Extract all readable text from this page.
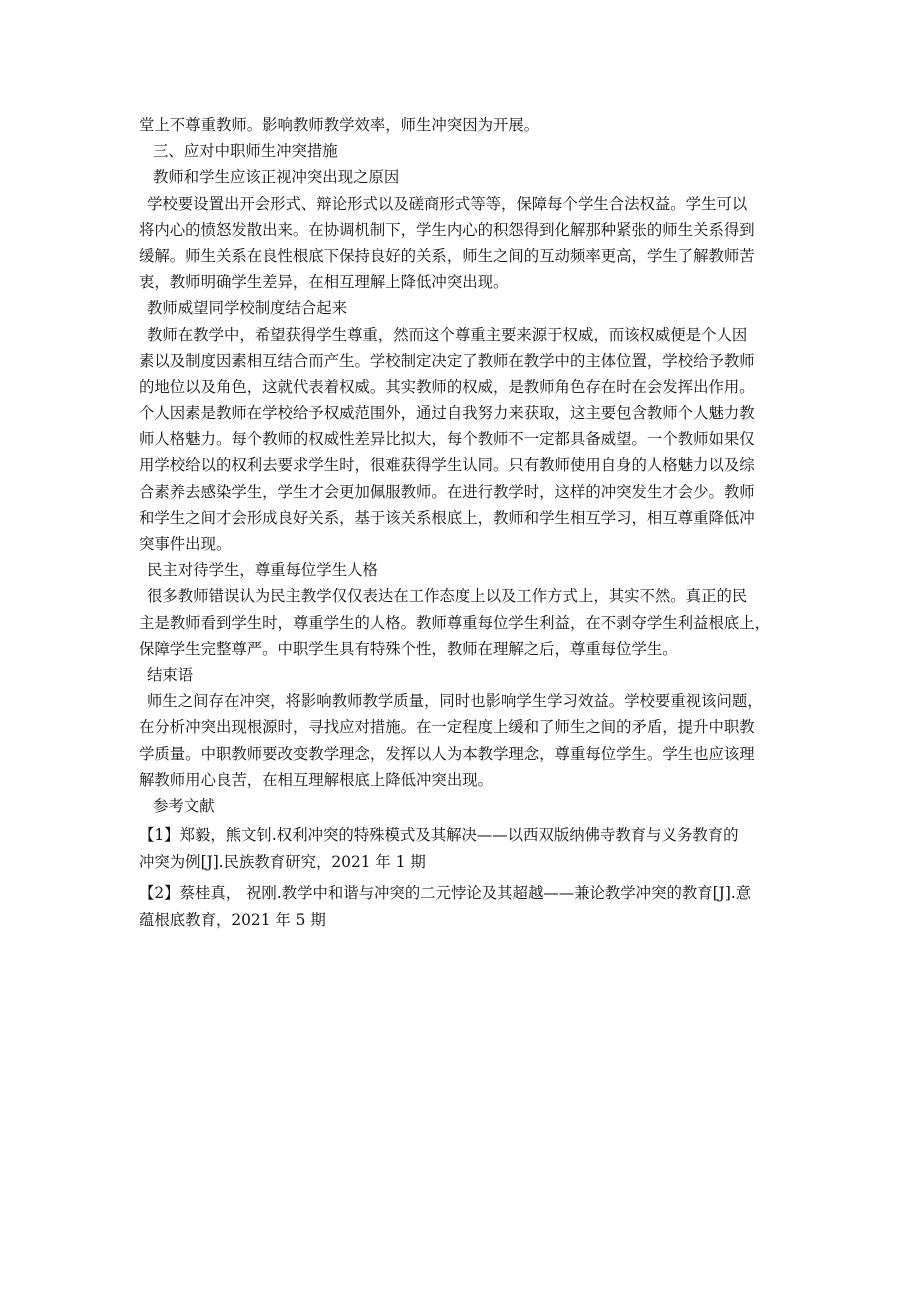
堂上不尊重教师。影响教师教学效率，师生冲突因为开展。
三、应对中职师生冲突措施
教师和学生应该正视冲突出现之原因
学校要设置出开会形式、辩论形式以及磋商形式等等，保障每个学生合法权益。学生可以
将内心的愤怒发散出来。在协调机制下，学生内心的积怨得到化解那种紧张的师生关系得到
缓解。师生关系在良性根底下保持良好的关系，师生之间的互动频率更高，学生了解教师苦
衷，教师明确学生差异，在相互理解上降低冲突出现。
教师威望同学校制度结合起来
教师在教学中，希望获得学生尊重，然而这个尊重主要来源于权威，而该权威便是个人因
素以及制度因素相互结合而产生。学校制定决定了教师在教学中的主体位置，学校给予教师
的地位以及角色，这就代表着权威。其实教师的权威，是教师角色存在时在会发挥出作用。
个人因素是教师在学校给予权威范围外，通过自我努力来获取，这主要包含教师个人魅力教
师人格魅力。每个教师的权威性差异比拟大，每个教师不一定都具备威望。一个教师如果仅
用学校给以的权利去要求学生时，很难获得学生认同。只有教师使用自身的人格魅力以及综
合素养去感染学生，学生才会更加佩服教师。在进行教学时，这样的冲突发生才会少。教师
和学生之间才会形成良好关系，基于该关系根底上，教师和学生相互学习，相互尊重降低冲
突事件出现。
民主对待学生，尊重每位学生人格
很多教师错误认为民主教学仅仅表达在工作态度上以及工作方式上，其实不然。真正的民
主是教师看到学生时，尊重学生的人格。教师尊重每位学生利益，在不剥夺学生利益根底上，
保障学生完整尊严。中职学生具有特殊个性，教师在理解之后，尊重每位学生。
结束语
师生之间存在冲突，将影响教师教学质量，同时也影响学生学习效益。学校要重视该问题，
在分析冲突出现根源时，寻找应对措施。在一定程度上缓和了师生之间的矛盾，提升中职教
学质量。中职教师要改变教学理念，发挥以人为本教学理念，尊重每位学生。学生也应该理
解教师用心良苦，在相互理解根底上降低冲突出现。
参考文献
【1】郑毅，熊文钊.权利冲突的特殊模式及其解决——以西双版纳佛寺教育与义务教育的
冲突为例[J].民族教育研究，2021 年 1 期
【2】蔡桂真， 祝刚.教学中和谐与冲突的二元悖论及其超越——兼论教学冲突的教育[J].意
蕴根底教育，2021 年 5 期
